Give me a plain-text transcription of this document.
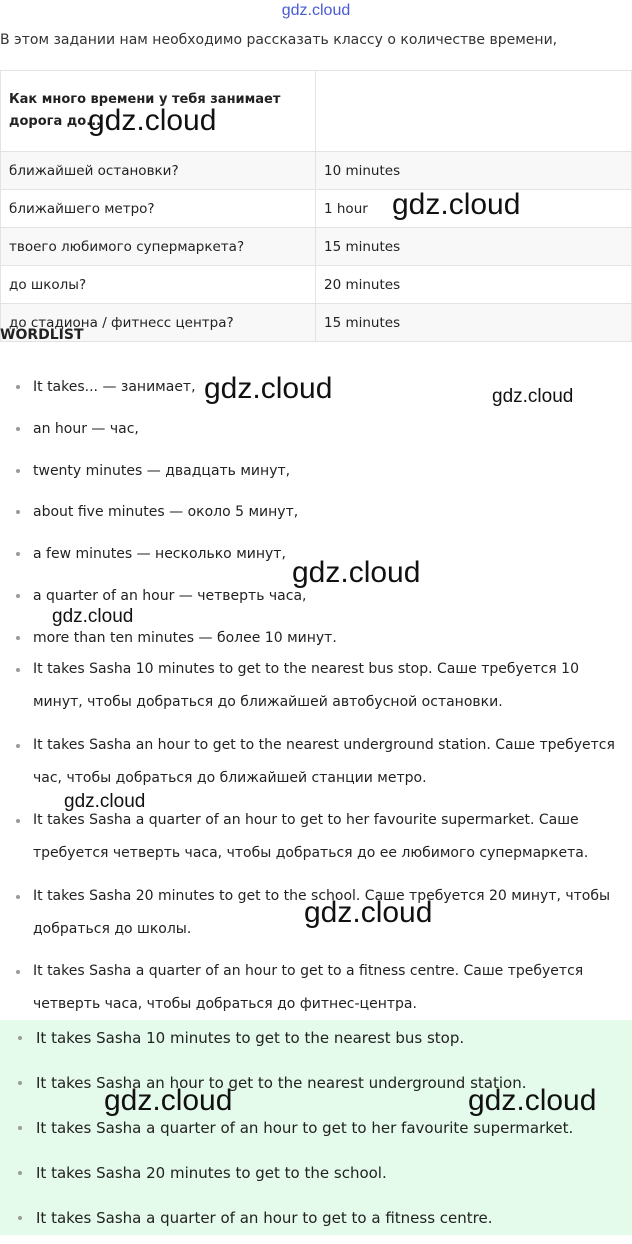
gdz.cloud
В этом задании нам необходимо рассказать классу о количестве времени,
Как много времени у тебя занимает дорога до...	
ближайшей остановки?	10 minutes
ближайшего метро?	1 hour
твоего любимого супермаркета?	15 minutes
до школы?	20 minutes
до стадиона / фитнесс центра?	15 minutes
WORDLIST
It takes... — занимает,
an hour — час,
twenty minutes — двадцать минут,
about five minutes — около 5 минут,
a few minutes — несколько минут,
a quarter of an hour — четверть часа,
more than ten minutes — более 10 минут.
It takes Sasha 10 minutes to get to the nearest bus stop. Саше требуется 10 минут, чтобы добраться до ближайшей автобусной остановки.
It takes Sasha an hour to get to the nearest underground station. Саше требуется час, чтобы добраться до ближайшей станции метро.
It takes Sasha a quarter of an hour to get to her favourite supermarket. Саше требуется четверть часа, чтобы добраться до ее любимого супермаркета.
It takes Sasha 20 minutes to get to the school. Саше требуется 20 минут, чтобы добраться до школы.
It takes Sasha a quarter of an hour to get to a fitness centre. Саше требуется четверть часа, чтобы добраться до фитнес-центра.
It takes Sasha 10 minutes to get to the nearest bus stop.
It takes Sasha an hour to get to the nearest underground station.
It takes Sasha a quarter of an hour to get to her favourite supermarket.
It takes Sasha 20 minutes to get to the school.
It takes Sasha a quarter of an hour to get to a fitness centre.
gdz.cloud
gdz.cloud
gdz.cloud	gdz.cloud
gdz.cloud
gdz.cloud
gdz.cloud
gdz.cloud
gdz.cloud	gdz.cloud
